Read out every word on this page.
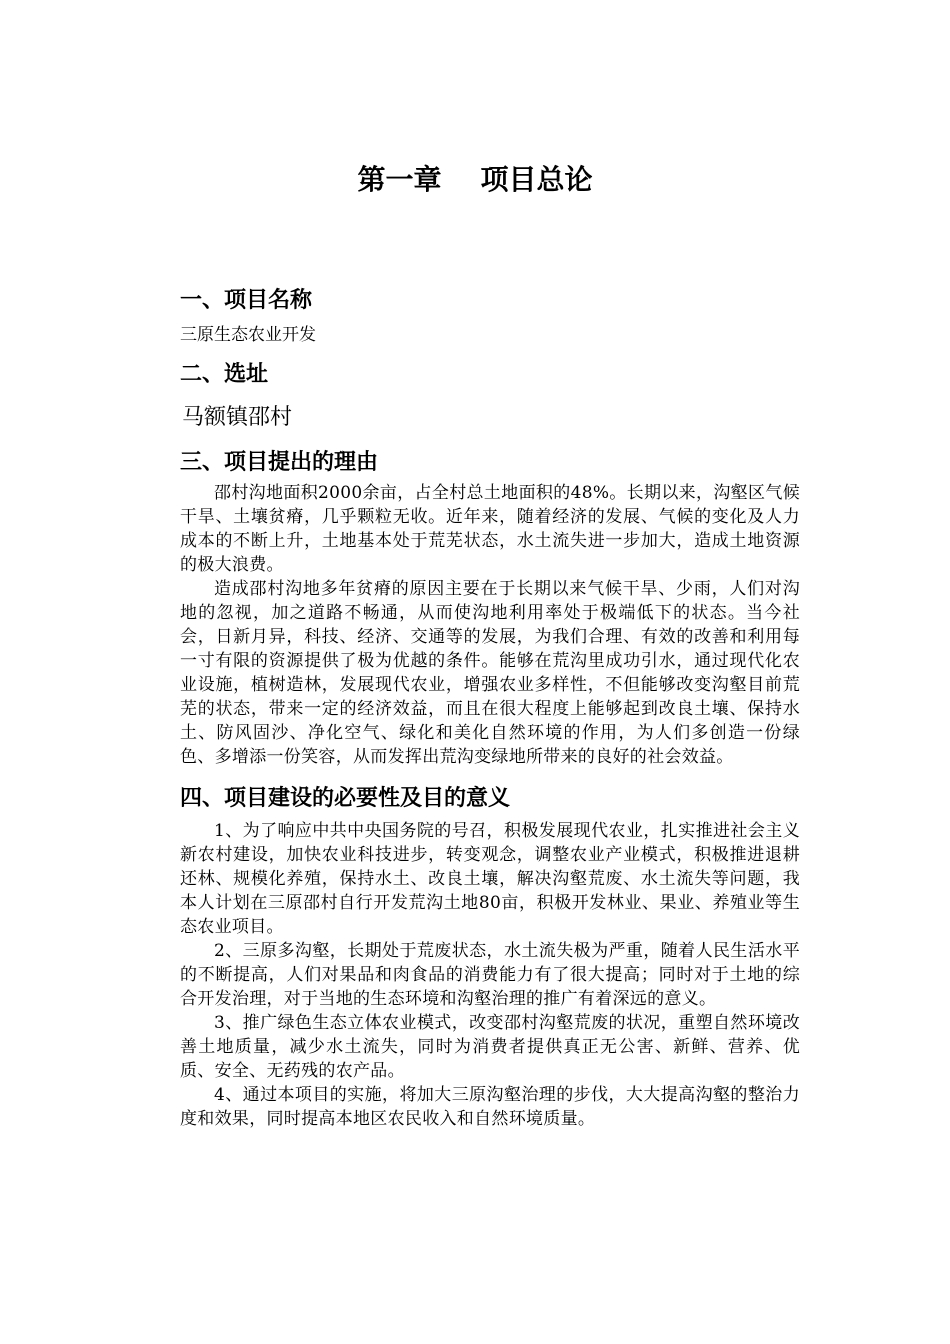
第一章    项目总论
一、项目名称

三原生态农业开发

二、选址

马额镇邵村

三、项目提出的理由

邵村沟地面积2000余亩，占全村总土地面积的48%。长期以来，沟壑区气候干旱、土壤贫瘠，几乎颗粒无收。近年来，随着经济的发展、气候的变化及人力成本的不断上升，土地基本处于荒芜状态，水土流失进一步加大，造成土地资源的极大浪费。

造成邵村沟地多年贫瘠的原因主要在于长期以来气候干旱、少雨，人们对沟地的忽视，加之道路不畅通，从而使沟地利用率处于极端低下的状态。当今社会，日新月异，科技、经济、交通等的发展，为我们合理、有效的改善和利用每一寸有限的资源提供了极为优越的条件。能够在荒沟里成功引水，通过现代化农业设施，植树造林，发展现代农业，增强农业多样性，不但能够改变沟壑目前荒芜的状态，带来一定的经济效益，而且在很大程度上能够起到改良土壤、保持水土、防风固沙、净化空气、绿化和美化自然环境的作用，为人们多创造一份绿色、多增添一份笑容，从而发挥出荒沟变绿地所带来的良好的社会效益。

四、项目建设的必要性及目的意义

1、为了响应中共中央国务院的号召，积极发展现代农业，扎实推进社会主义新农村建设，加快农业科技进步，转变观念，调整农业产业模式，积极推进退耕还林、规模化养殖，保持水土、改良土壤，解决沟壑荒废、水土流失等问题，我本人计划在三原邵村自行开发荒沟土地80亩，积极开发林业、果业、养殖业等生态农业项目。

2、三原多沟壑，长期处于荒废状态，水土流失极为严重，随着人民生活水平的不断提高，人们对果品和肉食品的消费能力有了很大提高；同时对于土地的综合开发治理，对于当地的生态环境和沟壑治理的推广有着深远的意义。

3、推广绿色生态立体农业模式，改变邵村沟壑荒废的状况，重塑自然环境改善土地质量，减少水土流失，同时为消费者提供真正无公害、新鲜、营养、优质、安全、无药残的农产品。

4、通过本项目的实施，将加大三原沟壑治理的步伐，大大提高沟壑的整治力度和效果，同时提高本地区农民收入和自然环境质量。
